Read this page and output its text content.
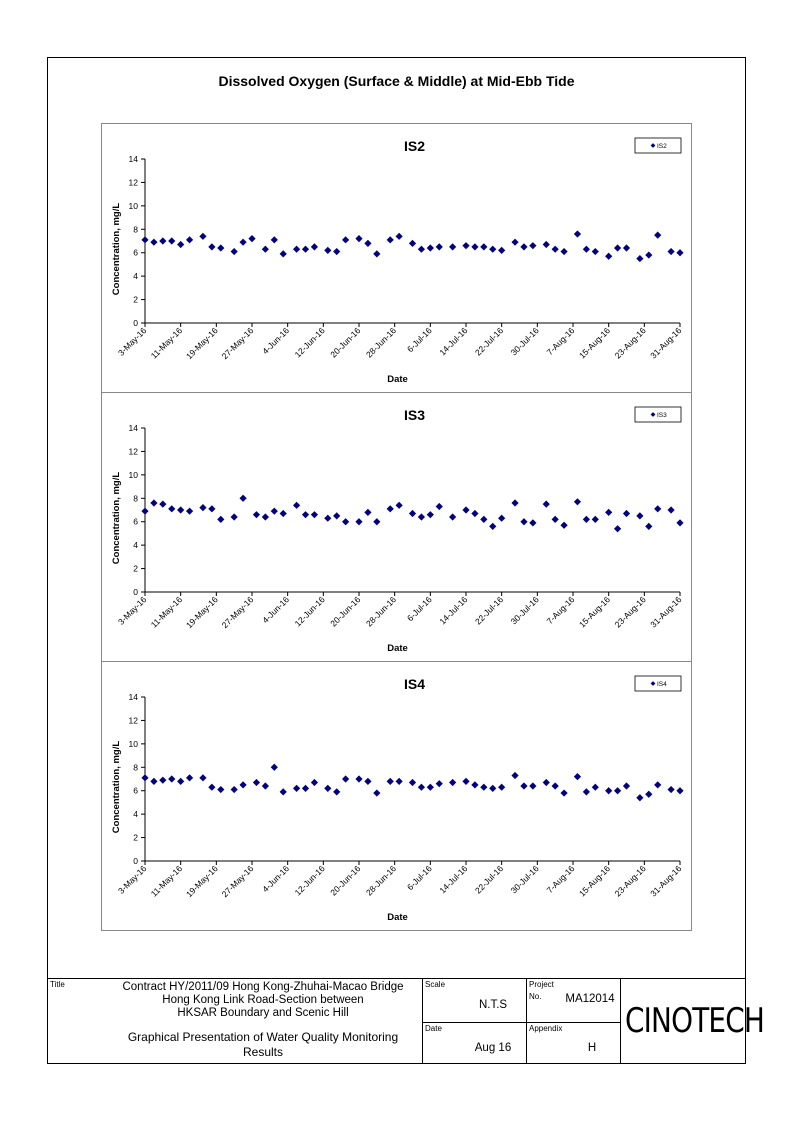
Dissolved Oxygen (Surface & Middle) at Mid-Ebb Tide
IS2
0
2
4
6
8
10
12
14
3-May-16 11-May-16 19-May-16 27-May-16 4-Jun-16 12-Jun-16 20-Jun-16 28-Jun-16 6-Jul-16 14-Jul-16 22-Jul-16 30-Jul-16 7-Aug-16 15-Aug-16 23-Aug-16 31-Aug-16
Date
Concentration, mg/L
IS2
IS3
0
2
4
6
8
10
12
14
3-May-16 11-May-16 19-May-16 27-May-16 4-Jun-16 12-Jun-16 20-Jun-16 28-Jun-16 6-Jul-16 14-Jul-16 22-Jul-16 30-Jul-16 7-Aug-16 15-Aug-16 23-Aug-16 31-Aug-16
Date
Concentration, mg/L
IS3
IS4
0
2
4
6
8
10
12
14
3-May-16 11-May-16 19-May-16 27-May-16 4-Jun-16 12-Jun-16 20-Jun-16 28-Jun-16 6-Jul-16 14-Jul-16 22-Jul-16 30-Jul-16 7-Aug-16 15-Aug-16 23-Aug-16 31-Aug-16
Date
Concentration, mg/L
IS4
Title	Contract HY/2011/09 Hong Kong-Zhuhai-Macao Bridge
Hong Kong Link Road-Section between
HKSAR Boundary and Scenic Hill
Graphical Presentation of Water Quality Monitoring
Results
Scale
N.T.S
Date
Aug 16
Project
No.	MA12014
Appendix
H
CINOTECH
